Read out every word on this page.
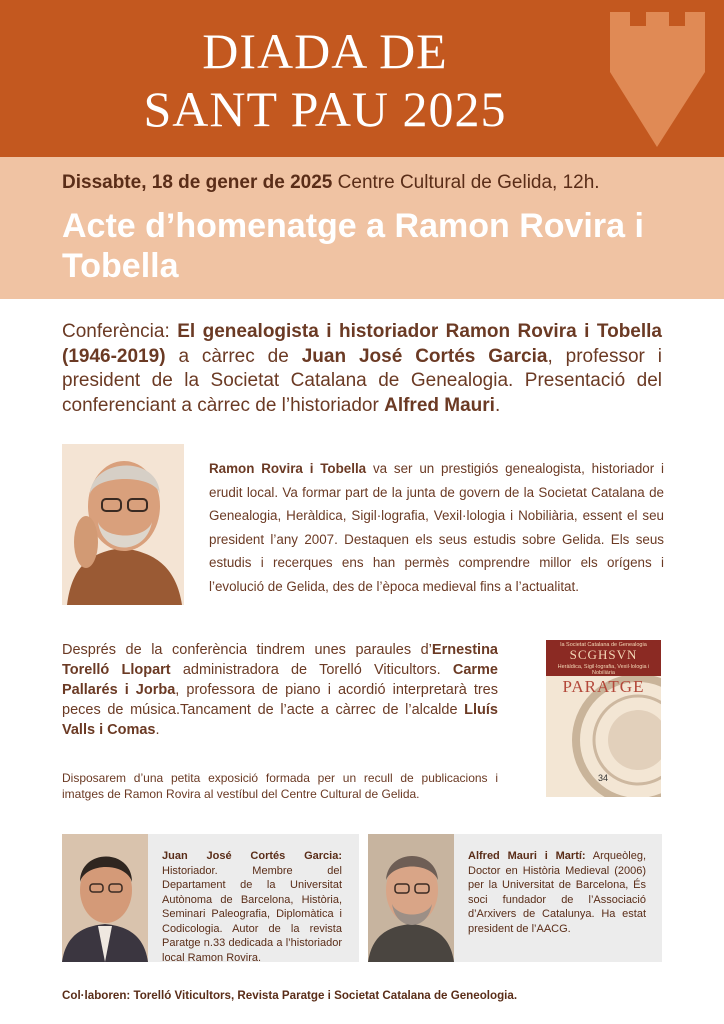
DIADA DE
SANT PAU 2025
Dissabte, 18 de gener de 2025 Centre Cultural de Gelida, 12h.
Acte d’homenatge a Ramon Rovira i Tobella
Conferència: El genealogista i historiador Ramon Rovira i Tobella (1946-2019) a càrrec de Juan José Cortés Garcia, professor i president de la Societat Catalana de Genealogia. Presentació del conferenciant a càrrec de l’historiador Alfred Mauri.
Ramon Rovira i Tobella va ser un prestigiós genealogista, historiador i erudit local. Va formar part de la junta de govern de la Societat Catalana de Genealogia, Heràldica, Sigil·lografia, Vexil·lologia i Nobiliària, essent el seu president l’any 2007. Destaquen els seus estudis sobre Gelida. Els seus estudis i recerques ens han permès comprendre millor els orígens i l’evolució de Gelida, des de l’època medieval fins a l’actualitat.
Després de la conferència tindrem unes paraules d’Ernestina Torelló Llopart administradora de Torelló Viticultors. Carme Pallarés i Jorba, professora de piano i acordió interpretarà tres peces de música.Tancament de l’acte a càrrec de l’alcalde Lluís Valls i Comas.
Disposarem d’una petita exposició formada per un recull de publicacions i imatges de Ramon Rovira al vestíbul del Centre Cultural de Gelida.
la Societat Catalana de Genealogia
SCGHSVN
Heràldica, Sigil·lografia, Vexil·lologia i Nobiliària
PARATGE
34
Juan José Cortés Garcia: Historiador. Membre del Departament de la Universitat Autònoma de Barcelona, Història, Seminari Paleografia, Diplomàtica i Codicologia. Autor de la revista Paratge n.33 dedicada a l’historiador local Ramon Rovira.
Alfred Mauri i Martí: Arqueòleg, Doctor en Història Medieval (2006) per la Universitat de Barcelona, És soci fundador de l’Associació d’Arxivers de Catalunya. Ha estat president de l’AACG.
Col·laboren: Torelló Viticultors, Revista Paratge i Societat Catalana de Geneologia.
